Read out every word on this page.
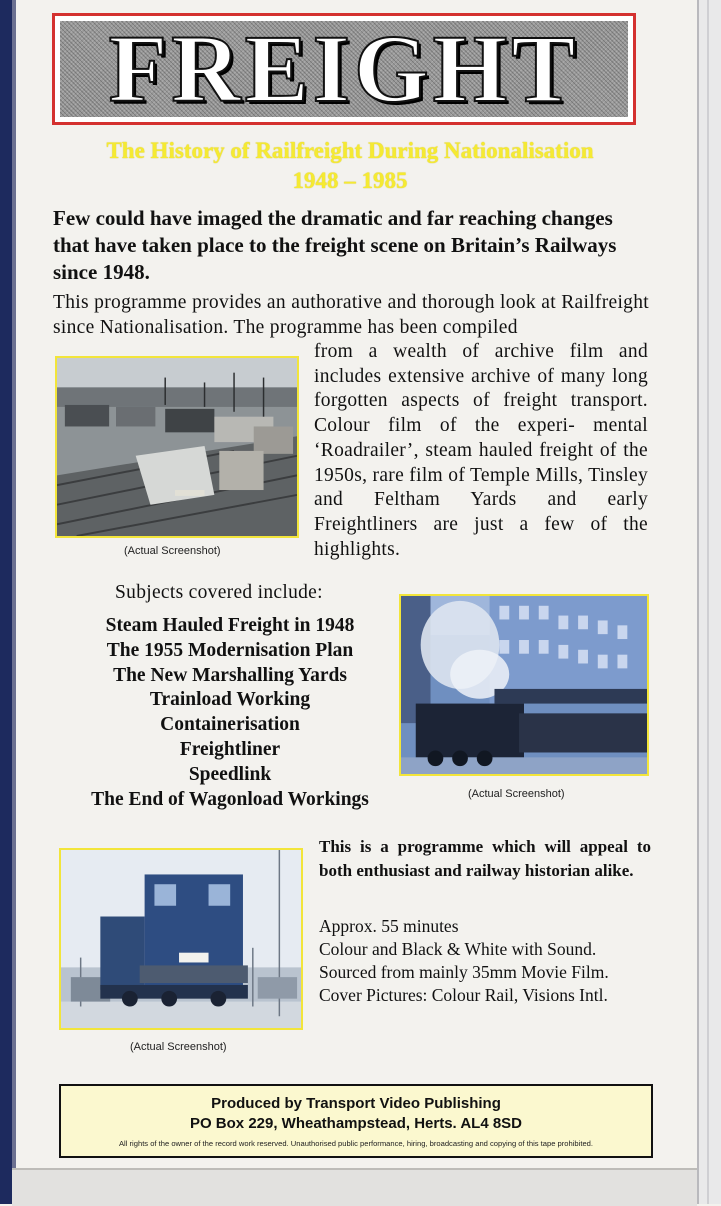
FREIGHT
The History of Railfreight During Nationalisation
1948 – 1985
Few could have imaged the dramatic and far reaching changes that have taken place to the freight scene on Britain’s Railways since 1948.
This programme provides an authorative and thorough look at Railfreight since Nationalisation. The programme has been compiled
from a wealth of archive film and includes extensive archive of many long forgotten aspects of freight transport. Colour film of the experi- mental ‘Roadrailer’, steam hauled freight of the 1950s, rare film of Temple Mills, Tinsley and Feltham Yards and early Freightliners are just a few of the highlights.
(Actual Screenshot)
Subjects covered include:
Steam Hauled Freight in 1948
The 1955 Modernisation Plan
The New Marshalling Yards
Trainload Working
Containerisation
Freightliner
Speedlink
The End of Wagonload Workings	(Actual Screenshot)
This is a programme which will appeal to both enthusiast and railway historian alike.
Approx. 55 minutes
Colour and Black & White with Sound.
Sourced from mainly 35mm Movie Film.
Cover Pictures: Colour Rail, Visions Intl.
(Actual Screenshot)
Produced by Transport Video Publishing
PO Box 229, Wheathampstead, Herts. AL4 8SD
All rights of the owner of the record work reserved. Unauthorised public performance, hiring, broadcasting and copying of this tape prohibited.
